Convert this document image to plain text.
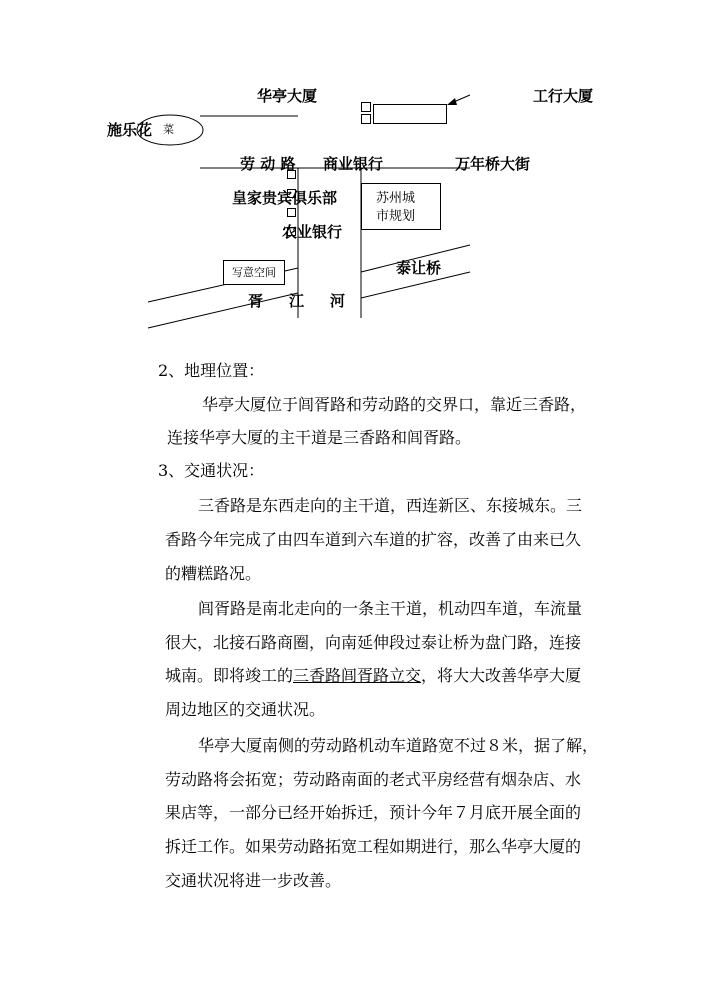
苏州城
市规划
写意空间
华亭大厦	工行大厦
施乐花 菜
劳 动 路 商业银行	万年桥大街
皇家贵宾俱乐部
农业银行
泰让桥
胥 江 河
2、地理位置：
华亭大厦位于闾胥路和劳动路的交界口，靠近三香路，
连接华亭大厦的主干道是三香路和闾胥路。
3、交通状况：
三香路是东西走向的主干道，西连新区、东接城东。三
香路今年完成了由四车道到六车道的扩容，改善了由来已久
的糟糕路况。
闾胥路是南北走向的一条主干道，机动四车道，车流量
很大，北接石路商圈，向南延伸段过泰让桥为盘门路，连接
城南。即将竣工的三香路闾胥路立交，将大大改善华亭大厦
周边地区的交通状况。
华亭大厦南侧的劳动路机动车道路宽不过８米，据了解，
劳动路将会拓宽；劳动路南面的老式平房经营有烟杂店、水
果店等，一部分已经开始拆迁，预计今年７月底开展全面的
拆迁工作。如果劳动路拓宽工程如期进行，那么华亭大厦的
交通状况将进一步改善。
